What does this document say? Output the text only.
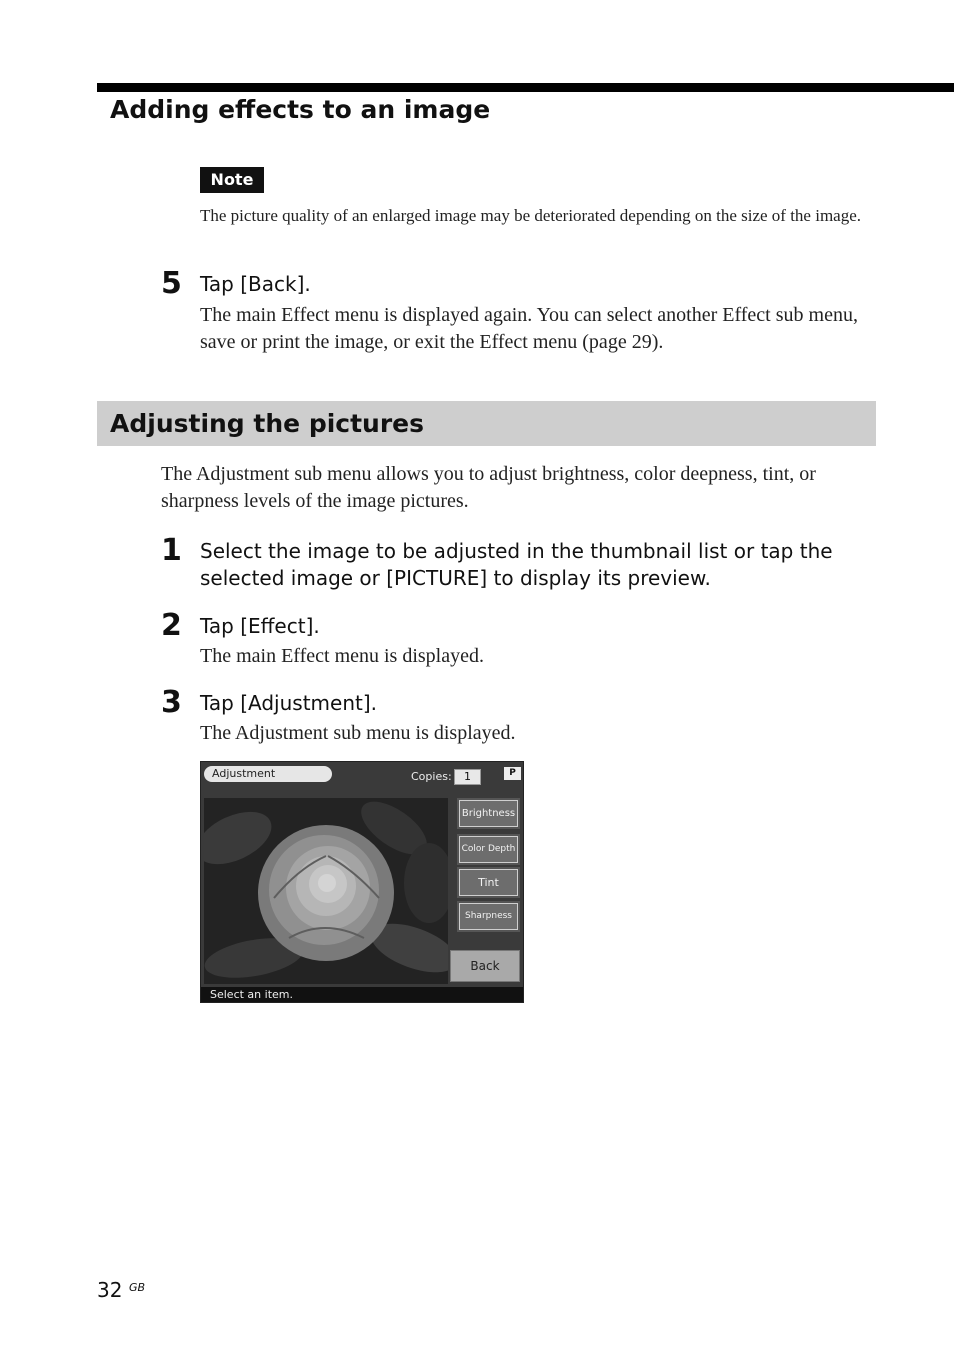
Adding effects to an image
Note

The picture quality of an enlarged image may be deteriorated depending on the size of the image.

5 Tap [Back].

The main Effect menu is displayed again. You can select another Effect sub menu, save or print the image, or exit the Effect menu (page 29).

Adjusting the pictures

The Adjustment sub menu allows you to adjust brightness, color deepness, tint, or sharpness levels of the image pictures.

1 Select the image to be adjusted in the thumbnail list or tap the selected image or [PICTURE] to display its preview.

2 Tap [Effect].

The main Effect menu is displayed.

3 Tap [Adjustment].

The Adjustment sub menu is displayed.

Adjustment	Copies:	1	P
Brightness
Color Depth
Tint
Sharpness
Back
Select an item.
32 GB
